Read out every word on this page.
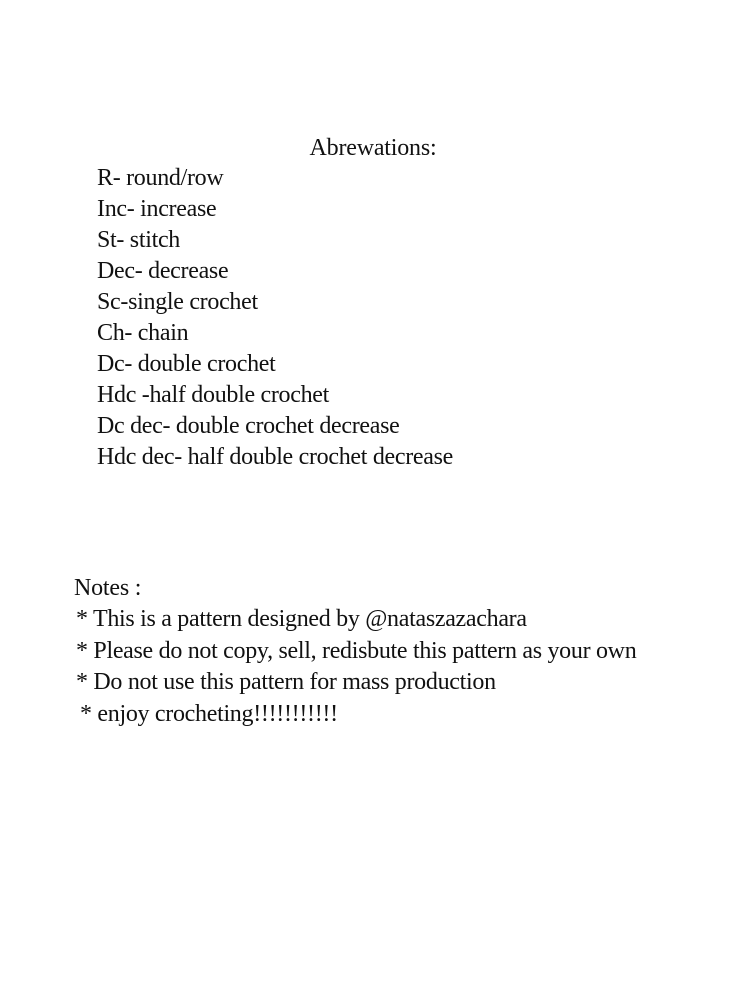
Abrewations:
R- round/row
Inc- increase
St- stitch
Dec- decrease
Sc-single crochet
Ch- chain
Dc- double crochet
Hdc -half double crochet
Dc dec- double crochet decrease
Hdc dec- half double crochet decrease
Notes :
* This is a pattern designed by @nataszazachara
* Please do not copy, sell, redisbute this pattern as your own
* Do not use this pattern for mass production
* enjoy crocheting!!!!!!!!!!!
